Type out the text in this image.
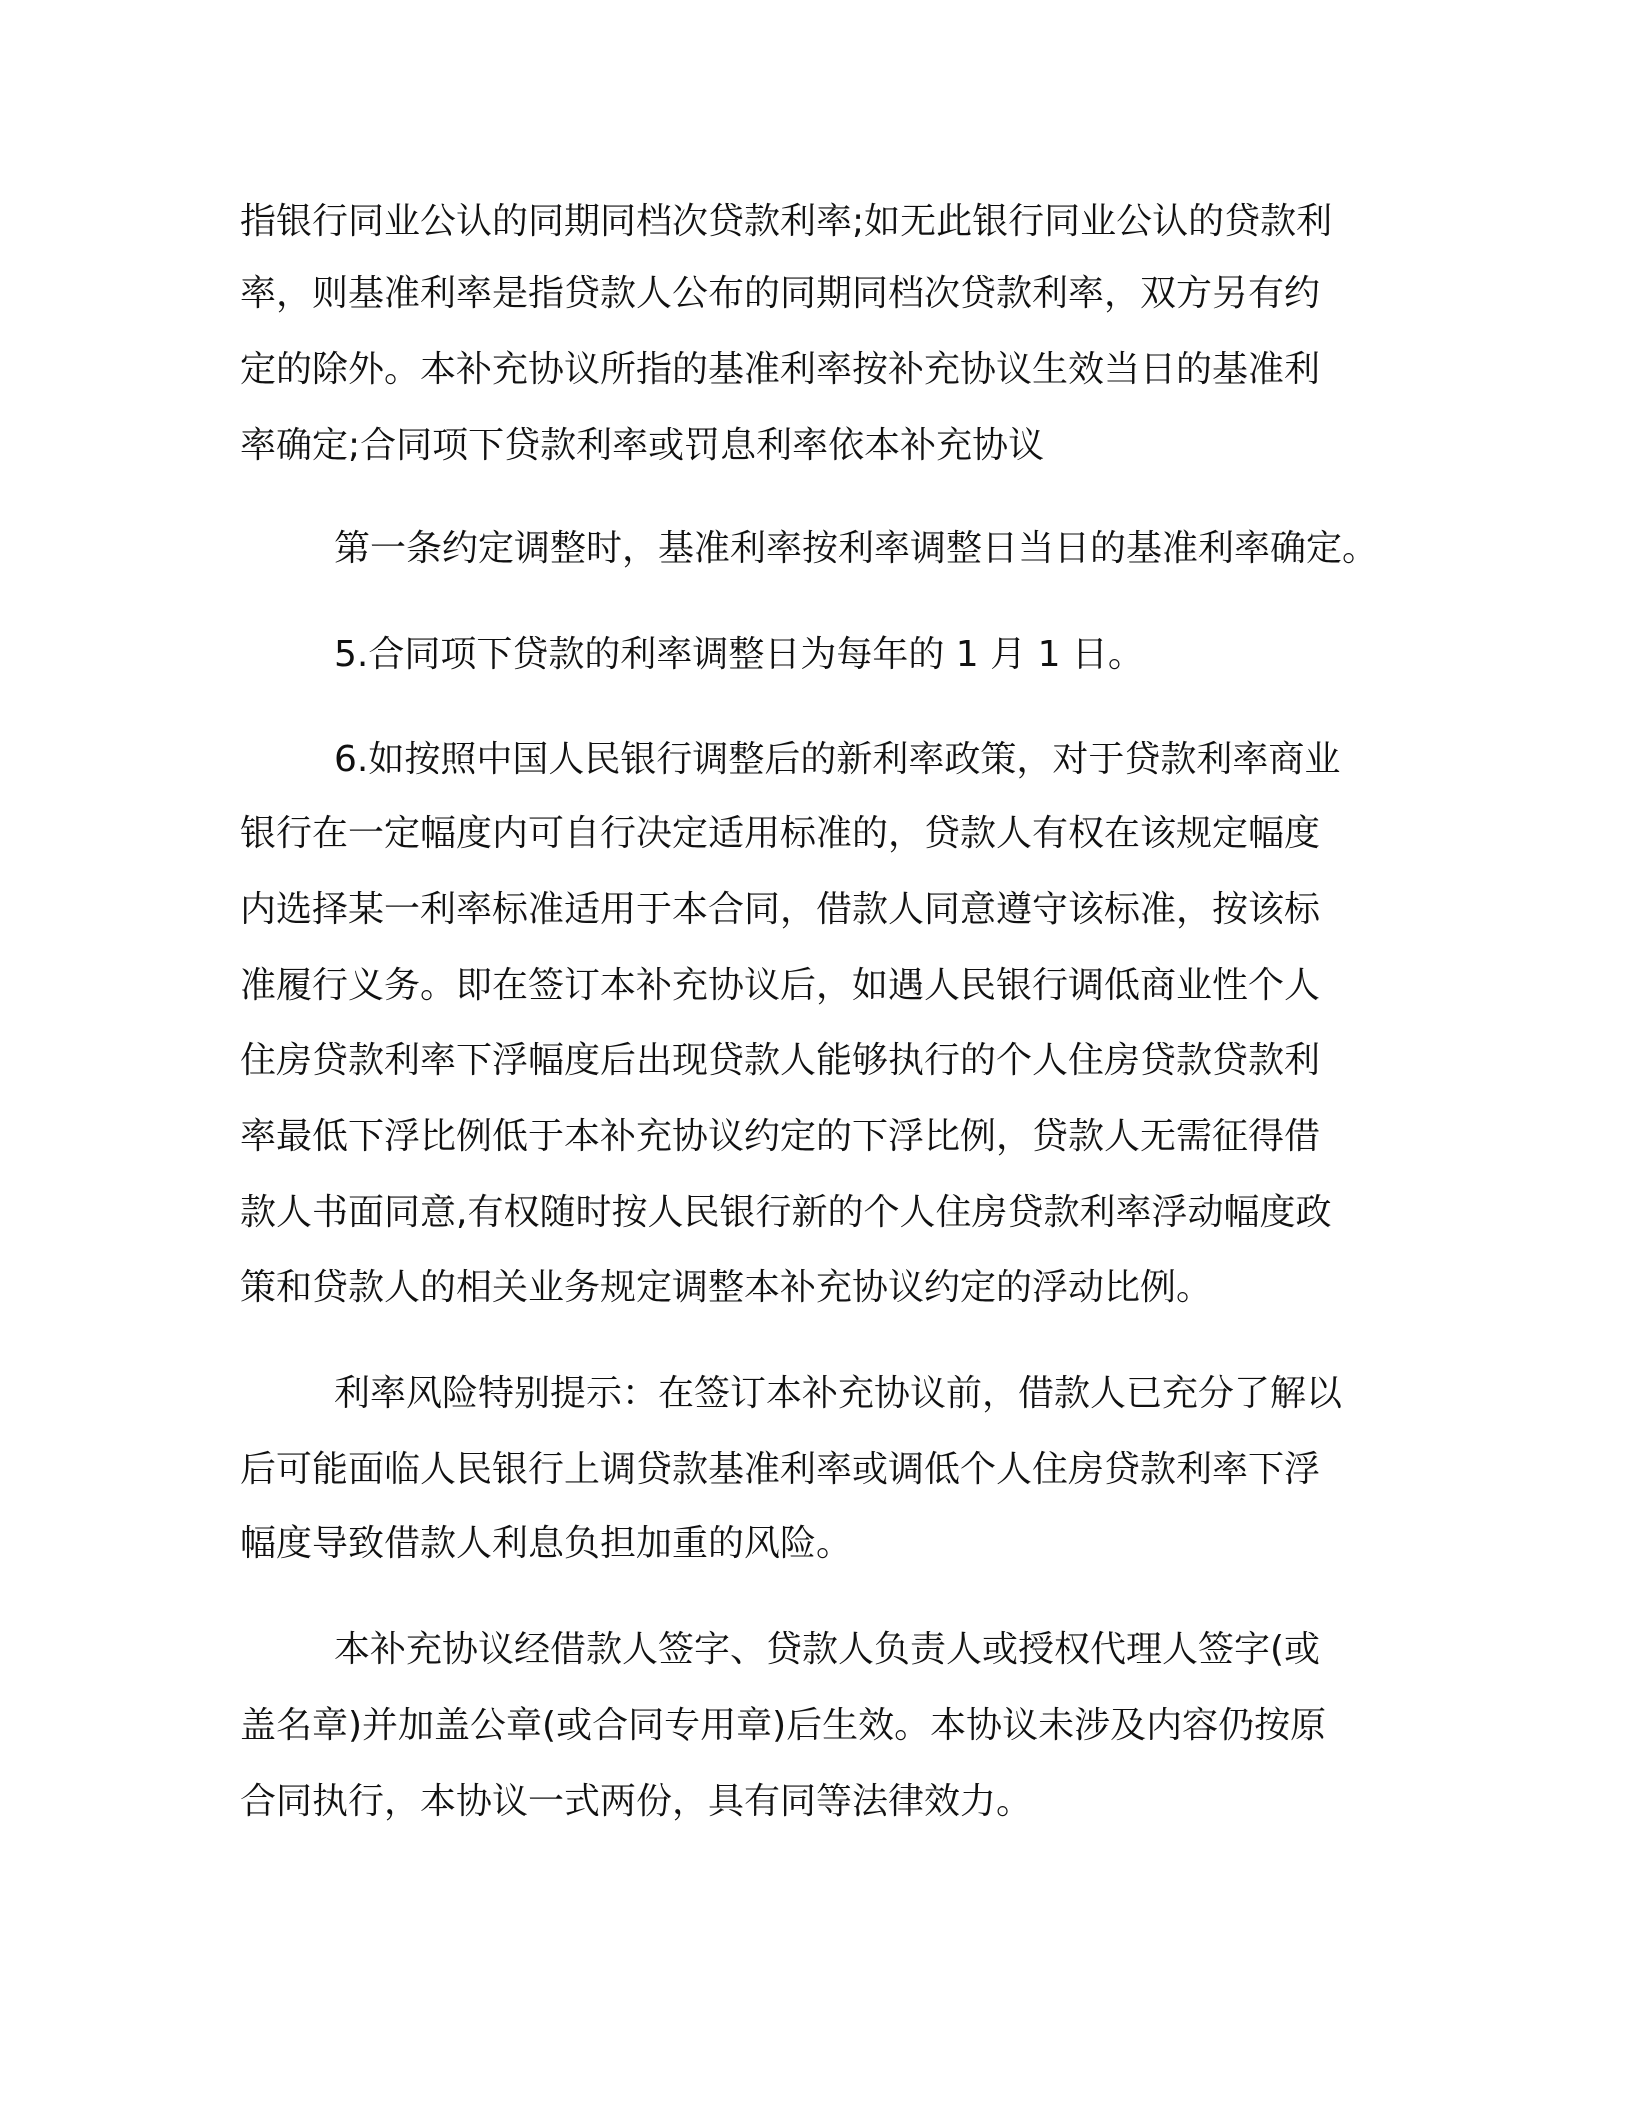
指银行同业公认的同期同档次贷款利率;如无此银行同业公认的贷款利

率，则基准利率是指贷款人公布的同期同档次贷款利率，双方另有约

定的除外。本补充协议所指的基准利率按补充协议生效当日的基准利

率确定;合同项下贷款利率或罚息利率依本补充协议

第一条约定调整时，基准利率按利率调整日当日的基准利率确定。

5.合同项下贷款的利率调整日为每年的 1 月 1 日。

6.如按照中国人民银行调整后的新利率政策，对于贷款利率商业

银行在一定幅度内可自行决定适用标准的，贷款人有权在该规定幅度

内选择某一利率标准适用于本合同，借款人同意遵守该标准，按该标

准履行义务。即在签订本补充协议后，如遇人民银行调低商业性个人

住房贷款利率下浮幅度后出现贷款人能够执行的个人住房贷款贷款利

率最低下浮比例低于本补充协议约定的下浮比例，贷款人无需征得借

款人书面同意,有权随时按人民银行新的个人住房贷款利率浮动幅度政

策和贷款人的相关业务规定调整本补充协议约定的浮动比例。

利率风险特别提示：在签订本补充协议前，借款人已充分了解以

后可能面临人民银行上调贷款基准利率或调低个人住房贷款利率下浮

幅度导致借款人利息负担加重的风险。

本补充协议经借款人签字、贷款人负责人或授权代理人签字(或

盖名章)并加盖公章(或合同专用章)后生效。本协议未涉及内容仍按原

合同执行，本协议一式两份，具有同等法律效力。
